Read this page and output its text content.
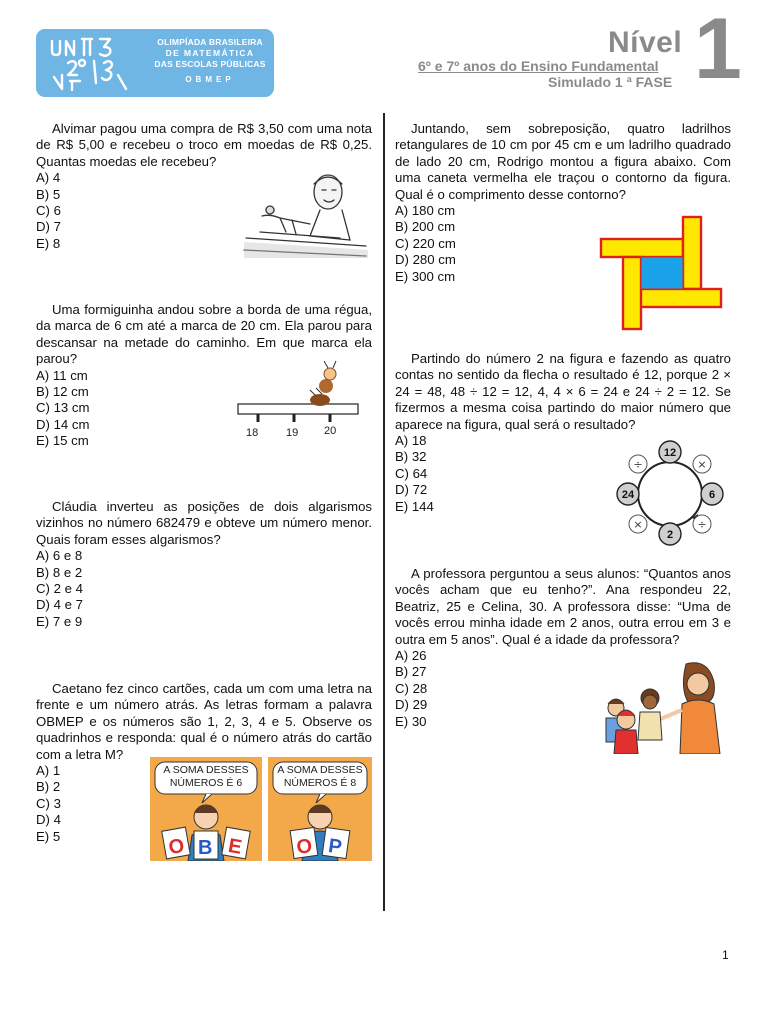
OLIMPÍADA BRASILEIRA
DE MATEMÁTICA
DAS ESCOLAS PÚBLICAS
OBMEP
Nível 1
6º e 7º anos do Ensino Fundamental
Simulado 1 ª FASE

Alvimar pagou uma compra de R$ 3,50 com uma nota de R$ 5,00 e recebeu o troco em moedas de R$ 0,25. Quantas moedas ele recebeu?

A) 4
B) 5
C) 6
D) 7
E) 8

Uma formiguinha andou sobre a borda de uma régua, da marca de 6 cm até a marca de 20 cm. Ela parou para descansar na metade do caminho. Em que marca ela parou?

A) 11 cm
B) 12 cm
C) 13 cm
D) 14 cm
E) 15 cm
18	19 20

Cláudia inverteu as posições de dois algarismos vizinhos no número 682479 e obteve um número menor. Quais foram esses algarismos?

A) 6 e 8
B) 8 e 2
C) 2 e 4
D) 4 e 7
E) 7 e 9

Caetano fez cinco cartões, cada um com uma letra na frente e um número atrás. As letras formam a palavra OBMEP e os números são 1, 2, 3, 4 e 5. Observe os quadrinhos e responda: qual é o número atrás do cartão com a letra M?

A) 1
B) 2
C) 3
D) 4
E) 5
A SOMA DESSES NÚMEROS É 6
O B E
A SOMA DESSES NÚMEROS É 8
O P

Juntando, sem sobreposição, quatro ladrilhos retangulares de 10 cm por 45 cm e um ladrilho quadrado de lado 20 cm, Rodrigo montou a figura abaixo. Com uma caneta vermelha ele traçou o contorno da figura. Qual é o comprimento desse contorno?

A) 180 cm
B) 200 cm
C) 220 cm
D) 280 cm
E) 300 cm

Partindo do número 2 na figura e fazendo as quatro contas no sentido da flecha o resultado é 12, porque 2 × 24 = 48, 48 ÷ 12 = 12, 4, 4 × 6 = 24 e 24 ÷ 2 = 12. Se fizermos a mesma coisa partindo do maior número que aparece na figura, qual será o resultado?

A) 18
B) 32
C) 64
D) 72
E) 144
12
6
2
24
×
÷
×
÷

A professora perguntou a seus alunos: “Quantos anos vocês acham que eu tenho?”. Ana respondeu 22, Beatriz, 25 e Celina, 30. A professora disse: “Uma de vocês errou minha idade em 2 anos, outra errou em 3 e outra em 5 anos”. Qual é a idade da professora?

A) 26
B) 27
C) 28
D) 29
E) 30
1
